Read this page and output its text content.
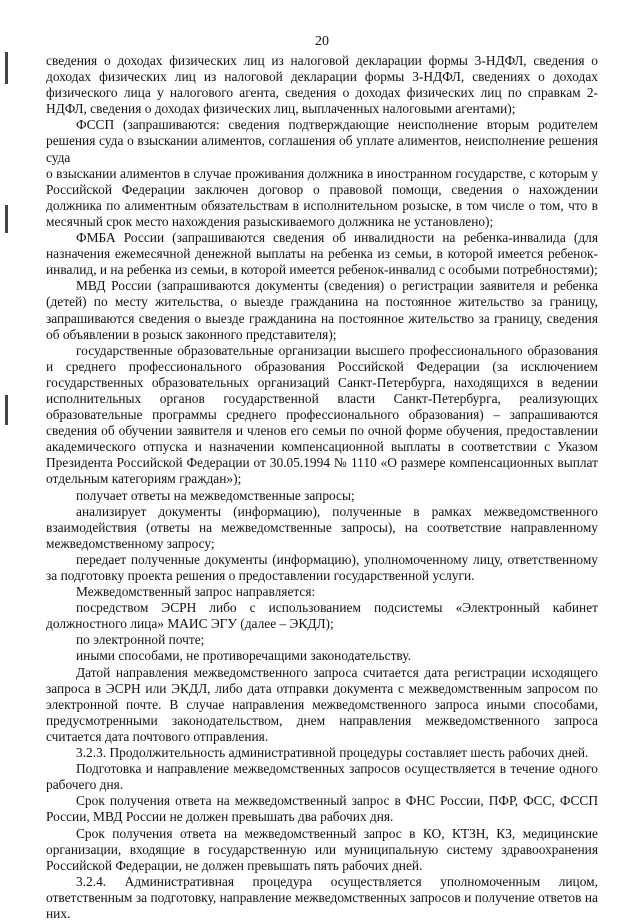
20

сведения о доходах физических лиц из налоговой декларации формы 3-НДФЛ, сведения о доходах физических лиц из налоговой декларации формы 3-НДФЛ, сведениях о доходах физического лица у налогового агента, сведения о доходах физических лиц по справкам 2-НДФЛ, сведения о доходах физических лиц, выплаченных налоговыми агентами);

ФССП (запрашиваются: сведения подтверждающие неисполнение вторым родителем решения суда о взыскании алиментов, соглашения об уплате алиментов, неисполнение решения суда

о взыскании алиментов в случае проживания должника в иностранном государстве, с которым у Российской Федерации заключен договор о правовой помощи, сведения о нахождении должника по алиментным обязательствам в исполнительном розыске, в том числе о том, что в месячный срок место нахождения разыскиваемого должника не установлено);

ФМБА России (запрашиваются сведения об инвалидности на ребенка-инвалида (для назначения ежемесячной денежной выплаты на ребенка из семьи, в которой имеется ребенок-инвалид, и на ребенка из семьи, в которой имеется ребенок-инвалид с особыми потребностями);

МВД России (запрашиваются документы (сведения) о регистрации заявителя и ребенка (детей) по месту жительства, о выезде гражданина на постоянное жительство за границу, запрашиваются сведения о выезде гражданина на постоянное жительство за границу, сведения об объявлении в розыск законного представителя);

государственные образовательные организации высшего профессионального образования и среднего профессионального образования Российской Федерации (за исключением государственных образовательных организаций Санкт-Петербурга, находящихся в ведении исполнительных органов государственной власти Санкт-Петербурга, реализующих образовательные программы среднего профессионального образования) – запрашиваются сведения об обучении заявителя и членов его семьи по очной форме обучения, предоставлении академического отпуска и назначении компенсационной выплаты в соответствии с Указом Президента Российской Федерации от 30.05.1994 № 1110 «О размере компенсационных выплат отдельным категориям граждан»);

получает ответы на межведомственные запросы;

анализирует документы (информацию), полученные в рамках межведомственного взаимодействия (ответы на межведомственные запросы), на соответствие направленному межведомственному запросу;

передает полученные документы (информацию), уполномоченному лицу, ответственному за подготовку проекта решения о предоставлении государственной услуги.

Межведомственный запрос направляется:

посредством ЭСРН либо с использованием подсистемы «Электронный кабинет должностного лица» МАИС ЭГУ (далее – ЭКДЛ);

по электронной почте;

иными способами, не противоречащими законодательству.

Датой направления межведомственного запроса считается дата регистрации исходящего запроса в ЭСРН или ЭКДЛ, либо дата отправки документа с межведомственным запросом по электронной почте. В случае направления межведомственного запроса иными способами, предусмотренными законодательством, днем направления межведомственного запроса считается дата почтового отправления.

3.2.3. Продолжительность административной процедуры составляет шесть рабочих дней.

Подготовка и направление межведомственных запросов осуществляется в течение одного рабочего дня.

Срок получения ответа на межведомственный запрос в ФНС России, ПФР, ФСС, ФССП России, МВД России не должен превышать два рабочих дня.

Срок получения ответа на межведомственный запрос в КО, КТЗН, КЗ, медицинские организации, входящие в государственную или муниципальную систему здравоохранения Российской Федерации, не должен превышать пять рабочих дней.

3.2.4. Административная процедура осуществляется уполномоченным лицом, ответственным за подготовку, направление межведомственных запросов и получение ответов на них.
